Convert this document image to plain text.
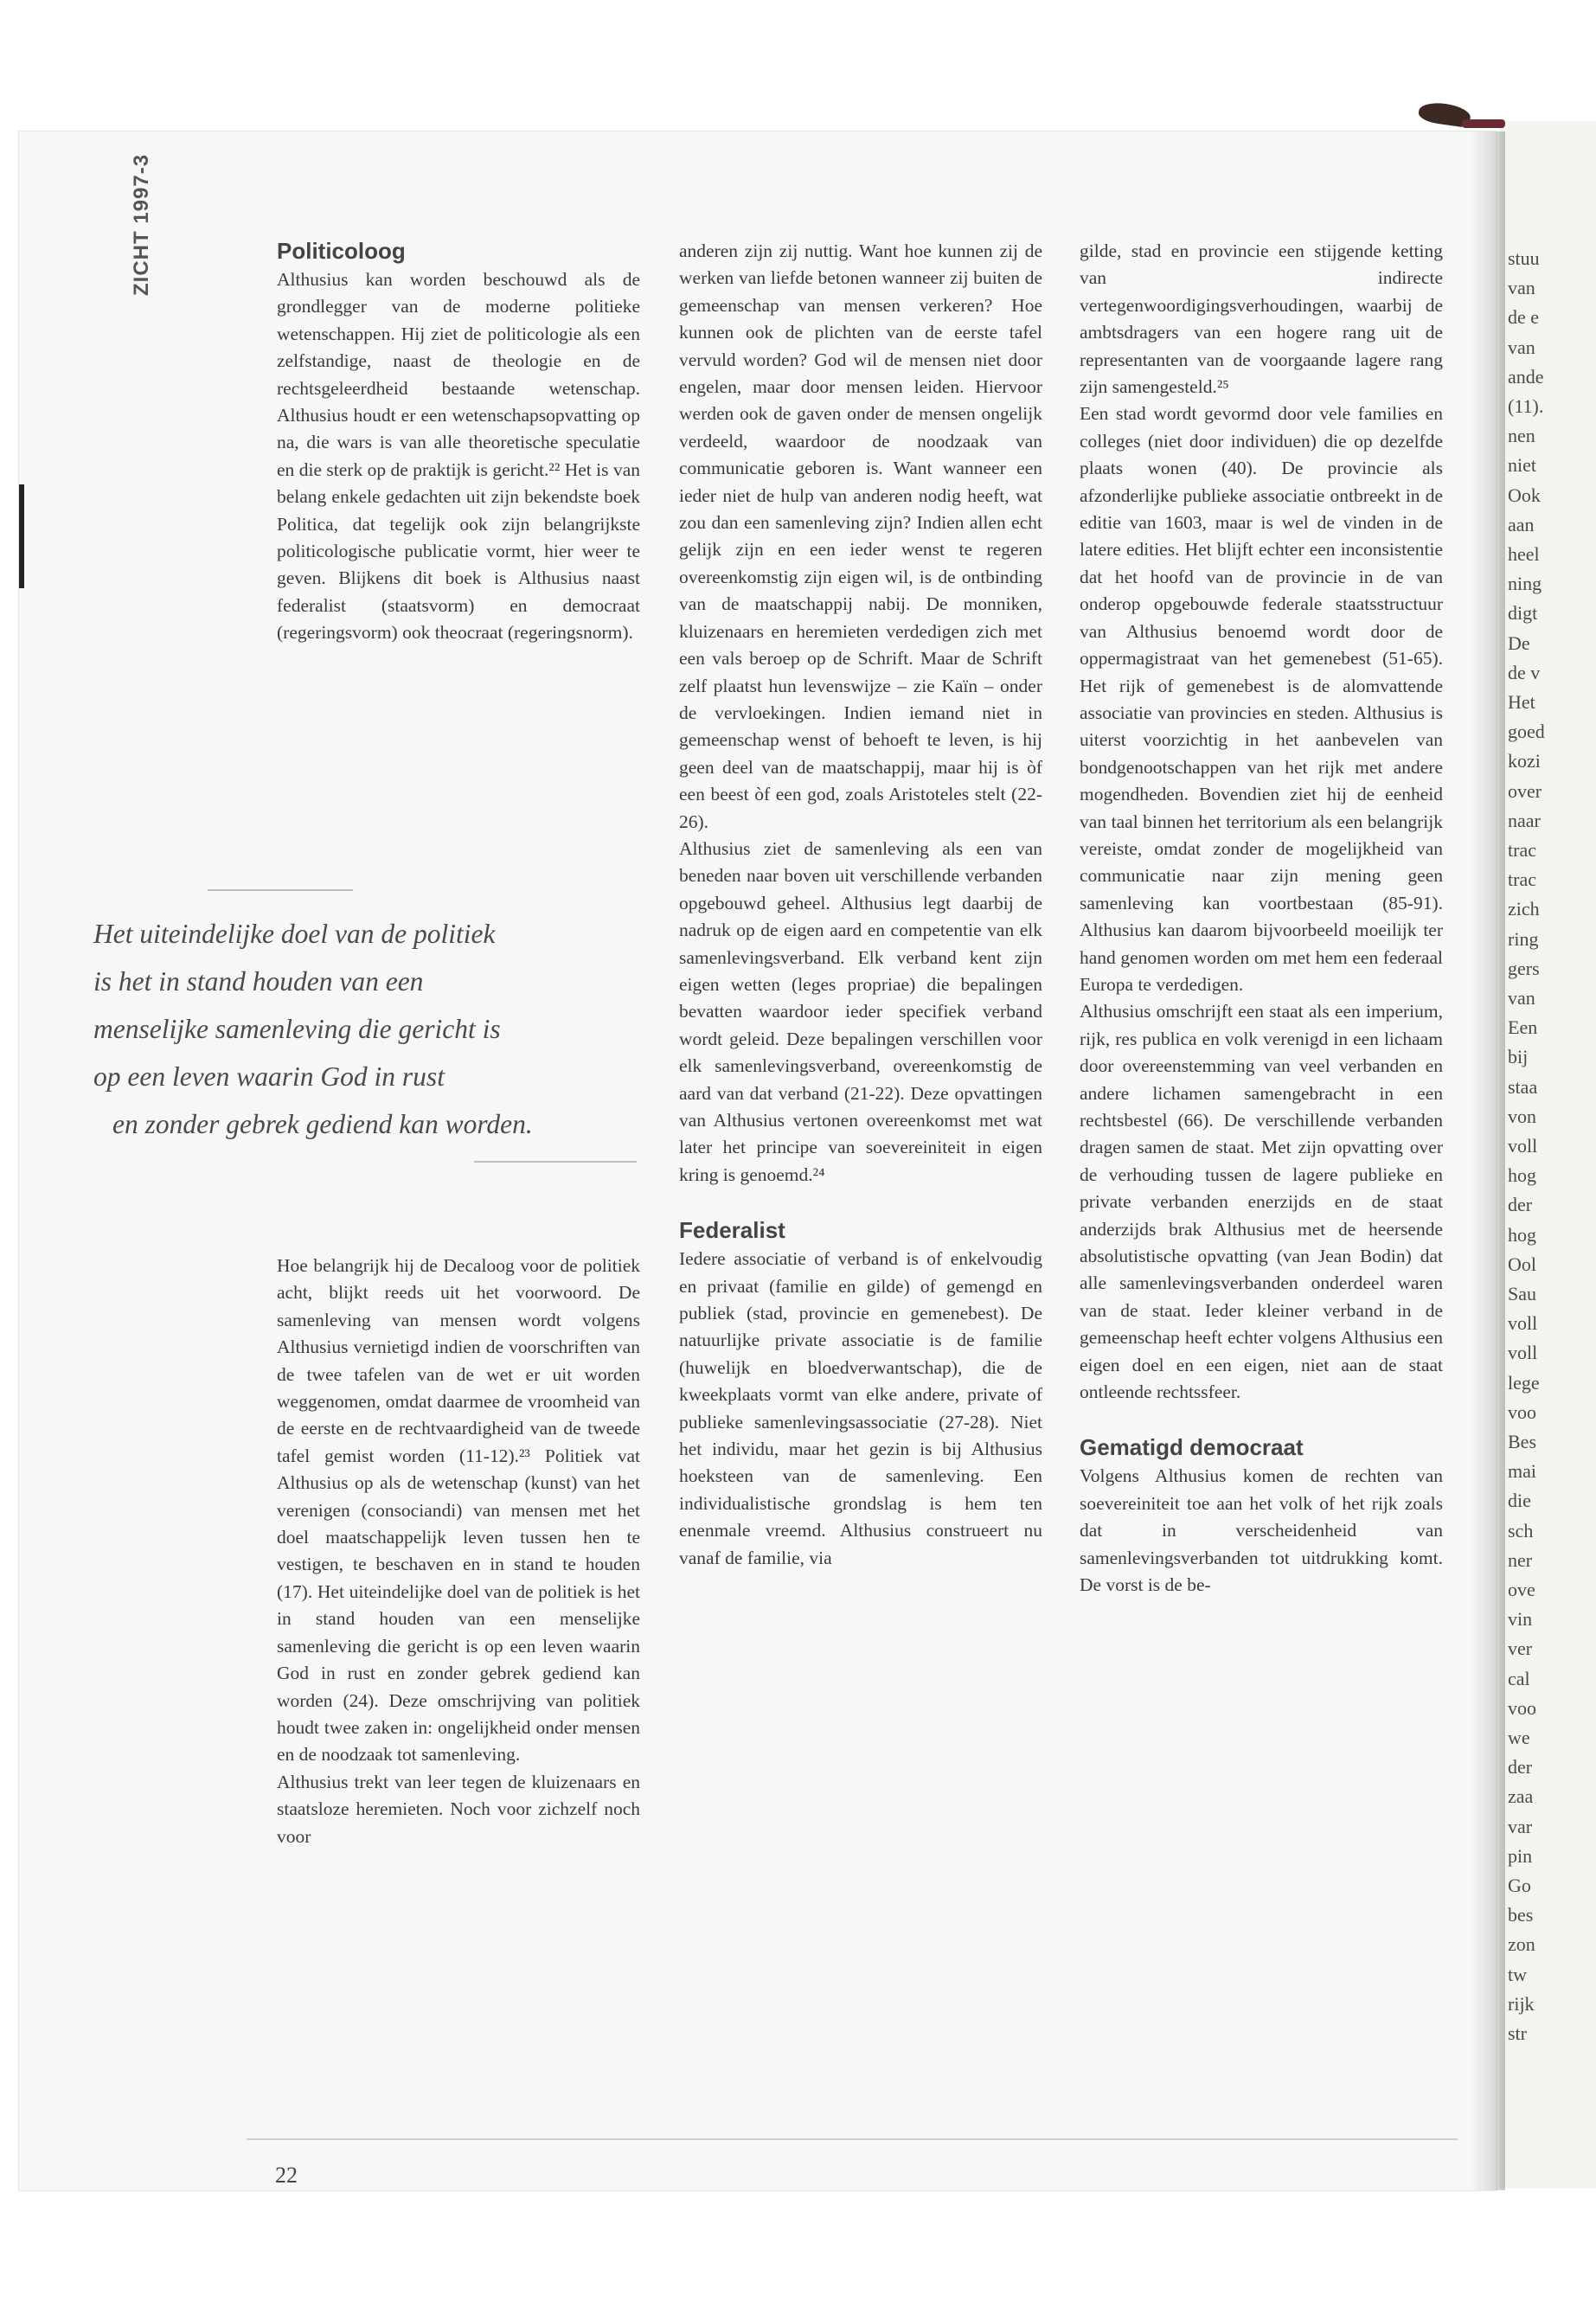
stuu
van
de e
van
ande
(11).
nen
niet
Ook
aan
heel
ning
digt
De
de v
Het
goed
kozi
over
naar
trac
trac
zich
ring
gers
van
Een
bij
staa
von
voll
hog
der
hog
Ool
Sau
voll
voll
lege
voo
Bes
mai
die
sch
ner
ove
vin
ver
cal
voo
we
der
zaa
var
pin
Go
bes
zon
tw
rijk
str
ZICHT 1997-3	Politicoloog

Althusius kan worden beschouwd als de grondlegger van de moderne politieke wetenschappen. Hij ziet de politicologie als een zelfstandige, naast de theologie en de rechtsgeleerdheid bestaande wetenschap. Althusius houdt er een wetenschapsopvatting op na, die wars is van alle theoretische speculatie en die sterk op de praktijk is gericht.²² Het is van belang enkele gedachten uit zijn bekendste boek Politica, dat tegelijk ook zijn belangrijkste politicologische publicatie vormt, hier weer te geven. Blijkens dit boek is Althusius naast federalist (staatsvorm) en democraat (regeringsvorm) ook theocraat (regeringsnorm).

Het uiteindelijke doel van de politiek
is het in stand houden van een
menselijke samenleving die gericht is
op een leven waarin God in rust
en zonder gebrek gediend kan worden.

Hoe belangrijk hij de Decaloog voor de politiek acht, blijkt reeds uit het voorwoord. De samenleving van mensen wordt volgens Althusius vernietigd indien de voorschriften van de twee tafelen van de wet er uit worden weggenomen, omdat daarmee de vroomheid van de eerste en de rechtvaardigheid van de tweede tafel gemist worden (11-12).²³ Politiek vat Althusius op als de wetenschap (kunst) van het verenigen (consociandi) van mensen met het doel maatschappelijk leven tussen hen te vestigen, te beschaven en in stand te houden (17). Het uiteindelijke doel van de politiek is het in stand houden van een menselijke samenleving die gericht is op een leven waarin God in rust en zonder gebrek gediend kan worden (24). Deze omschrijving van politiek houdt twee zaken in: ongelijkheid onder mensen en de noodzaak tot samenleving.

Althusius trekt van leer tegen de kluizenaars en staatsloze heremieten. Noch voor zichzelf noch voor

anderen zijn zij nuttig. Want hoe kunnen zij de werken van liefde betonen wanneer zij buiten de gemeenschap van mensen verkeren? Hoe kunnen ook de plichten van de eerste tafel vervuld worden? God wil de mensen niet door engelen, maar door mensen leiden. Hiervoor werden ook de gaven onder de mensen ongelijk verdeeld, waardoor de noodzaak van communicatie geboren is. Want wanneer een ieder niet de hulp van anderen nodig heeft, wat zou dan een samenleving zijn? Indien allen echt gelijk zijn en een ieder wenst te regeren overeenkomstig zijn eigen wil, is de ontbinding van de maatschappij nabij. De monniken, kluizenaars en heremieten verdedigen zich met een vals beroep op de Schrift. Maar de Schrift zelf plaatst hun levenswijze – zie Kaïn – onder de vervloekingen. Indien iemand niet in gemeenschap wenst of behoeft te leven, is hij geen deel van de maatschappij, maar hij is òf een beest òf een god, zoals Aristoteles stelt (22-26).

Althusius ziet de samenleving als een van beneden naar boven uit verschillende verbanden opgebouwd geheel. Althusius legt daarbij de nadruk op de eigen aard en competentie van elk samenlevingsverband. Elk verband kent zijn eigen wetten (leges propriae) die bepalingen bevatten waardoor ieder specifiek verband wordt geleid. Deze bepalingen verschillen voor elk samenlevingsverband, overeenkomstig de aard van dat verband (21-22). Deze opvattingen van Althusius vertonen overeenkomst met wat later het principe van soevereiniteit in eigen kring is genoemd.²⁴

Federalist

Iedere associatie of verband is of enkelvoudig en privaat (familie en gilde) of gemengd en publiek (stad, provincie en gemenebest). De natuurlijke private associatie is de familie (huwelijk en bloedverwantschap), die de kweekplaats vormt van elke andere, private of publieke samenlevingsassociatie (27-28). Niet het individu, maar het gezin is bij Althusius hoeksteen van de samenleving. Een individualistische grondslag is hem ten enenmale vreemd. Althusius construeert nu vanaf de familie, via

gilde, stad en provincie een stijgende ketting van indirecte vertegenwoordigingsverhoudingen, waarbij de ambtsdragers van een hogere rang uit de representanten van de voorgaande lagere rang zijn samengesteld.²⁵

Een stad wordt gevormd door vele families en colleges (niet door individuen) die op dezelfde plaats wonen (40). De provincie als afzonderlijke publieke associatie ontbreekt in de editie van 1603, maar is wel de vinden in de latere edities. Het blijft echter een inconsistentie dat het hoofd van de provincie in de van onderop opgebouwde federale staatsstructuur van Althusius benoemd wordt door de oppermagistraat van het gemenebest (51-65). Het rijk of gemenebest is de alomvattende associatie van provincies en steden. Althusius is uiterst voorzichtig in het aanbevelen van bondgenootschappen van het rijk met andere mogendheden. Bovendien ziet hij de eenheid van taal binnen het territorium als een belangrijk vereiste, omdat zonder de mogelijkheid van communicatie naar zijn mening geen samenleving kan voortbestaan (85-91). Althusius kan daarom bijvoorbeeld moeilijk ter hand genomen worden om met hem een federaal Europa te verdedigen.

Althusius omschrijft een staat als een imperium, rijk, res publica en volk verenigd in een lichaam door overeenstemming van veel verbanden en andere lichamen samengebracht in een rechtsbestel (66). De verschillende verbanden dragen samen de staat. Met zijn opvatting over de verhouding tussen de lagere publieke en private verbanden enerzijds en de staat anderzijds brak Althusius met de heersende absolutistische opvatting (van Jean Bodin) dat alle samenlevingsverbanden onderdeel waren van de staat. Ieder kleiner verband in de gemeenschap heeft echter volgens Althusius een eigen doel en een eigen, niet aan de staat ontleende rechtssfeer.

Gematigd democraat

Volgens Althusius komen de rechten van soevereiniteit toe aan het volk of het rijk zoals dat in verscheidenheid van samenlevingsverbanden tot uitdrukking komt. De vorst is de be-

22
